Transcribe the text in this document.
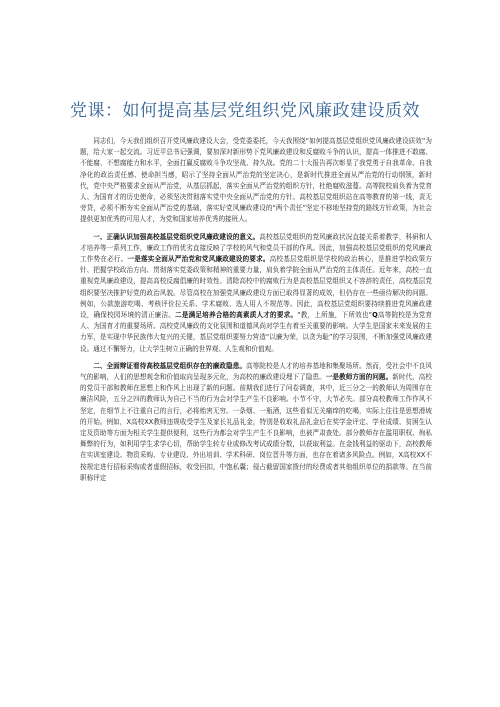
党课：如何提高基层党组织党风廉政建设质效

同志们，今天我们组织召开党风廉政建设大会，受党委委托，今天我围绕“如何提高基层党组织党风廉政建设质效”为题，给大家一起交流。习近平总书记强调，要加深对新形势下党风廉政建设和反腐败斗争的认识，提高一体推进不敢腐、不能腐、不想腐能力和水平，全面打赢反腐败斗争攻坚战、持久战。党的二十大报告再次彰显了我党勇于自我革命、自我净化的政治责任感、使命担当感，昭示了坚持全面从严治党的坚定决心，是新时代推进全面从严治党的行动纲领，新时代，党中央严格要求全面从严治党，从基层抓起，落实全面从严治党的组织方针，杜绝腐败滋蔓。高等院校肩负着为党育人、为国育才的历史使命，必须坚决贯彻落实党中央全面从严治党的方针。高校基层党组织站在高等教育的第一线，责无旁贷，必须不断夯实全面从严治党的基础，落实好党风廉政建设的“两个责任”坚定不移地坚持党的路线方针政策，为社会提供更加优秀的可用人才，为党和国家培养优秀的接班人。

一、正确认识加强高校基层党组织党风廉政建设的意义。高校基层党组织的党风廉政状况直接关系着教学，科研和人才培养等一系列工作，廉政工作的优劣直接反映了学校的风气和党员干部的作风。因此，加强高校基层党组织的党风廉政工作势在必行。一是落实全面从严治党和党风廉政建设的要求。高校基层党组织是学校的政治核心，是推进学校政策方针、把握学校政治方向、贯彻落实党委政策和精神的重要力量，肩负着学院全面从严治党的主体责任。近年来，高校一直重视党风廉政建设，提高高校反腐倡廉的时效性、清除高校中的腐败行为是高校基层党组织又不容辞的责任，高校基层党组织要坚决推护好党的政治风貌。尽管高校在加强党风廉政建设方面已取得显著的成效，但仍存在一些亟待解决的问题。例如，公款旅游吃喝、考核评价拉关系、学术腐败、选人用人不规范等。因此，高校基层党组织要持续推进党风廉政建设，确保校园环境的清正廉洁。二是满足培养合格的高素质人才的要求。“教，上所施，下所效也”Q高等院校是为党育人、为国育才的重要场所。高校党风廉政的文化氛围和道德风尚对学生有着至关重要的影响。大学生是国家未来发展的主力军，是实现中华民族伟大复兴的关键，基层党组织要努力营造“以廉为荣，以贪为耻”的学习氛围，不断加强党风廉政建设。通过不懈努力，让大学生树立正确的世界观、人生观和价值观。

二、全面辩证看待高校基层党组织存在的廉政隐患。高等院校是人才的培养基地和集聚场所。然而，受社会中不良风气的影响，人们的思想观念和价值取向呈现多元化，为高校的廉政建设埋下了隐患。一是教师方面的问题。新时代，高校的党员干部和教师在思想上和作风上出现了新的问题。前期我们进行了问卷调查，其中，近三分之一的教师认为周围存在廉洁风险，五分之四的教师认为自己不当的行为会对学生产生不良影响。小节不守，大节必失。部分高校教师工作作风不坚定，在细节上不注重自己的言行，必将贻害无穷。一条烟、一瓶酒，这些看似无关痛痒的吃喝，实际上往往是思想滑坡的开始。例如，X高校XX教师违规收受学生及家长礼品礼金，特别是收取礼品礼金后在奖学金评定、学业成绩、贫困生认定及资助等方面为相关学生提供便利，这些行为都会对学生产生不良影响，也被严肃查处。部分教师存在滥用职权、徇私舞弊的行为，如利用学生求学心切，帮助学生转专业或修改考试成绩分数，以获取利益。在金钱利益的驱动下，高校教师在实训室建设、物资采购、专业建设、外出培训、学术科研、岗位晋升等方面，也存在着诸多风险点。例如，X高校XX不按规定进行招标采购或者虚假招标，收受回扣，中饱私囊；侵占截留国家拨付的经费或者其他组织单位的捐款等。在当前职称评定
